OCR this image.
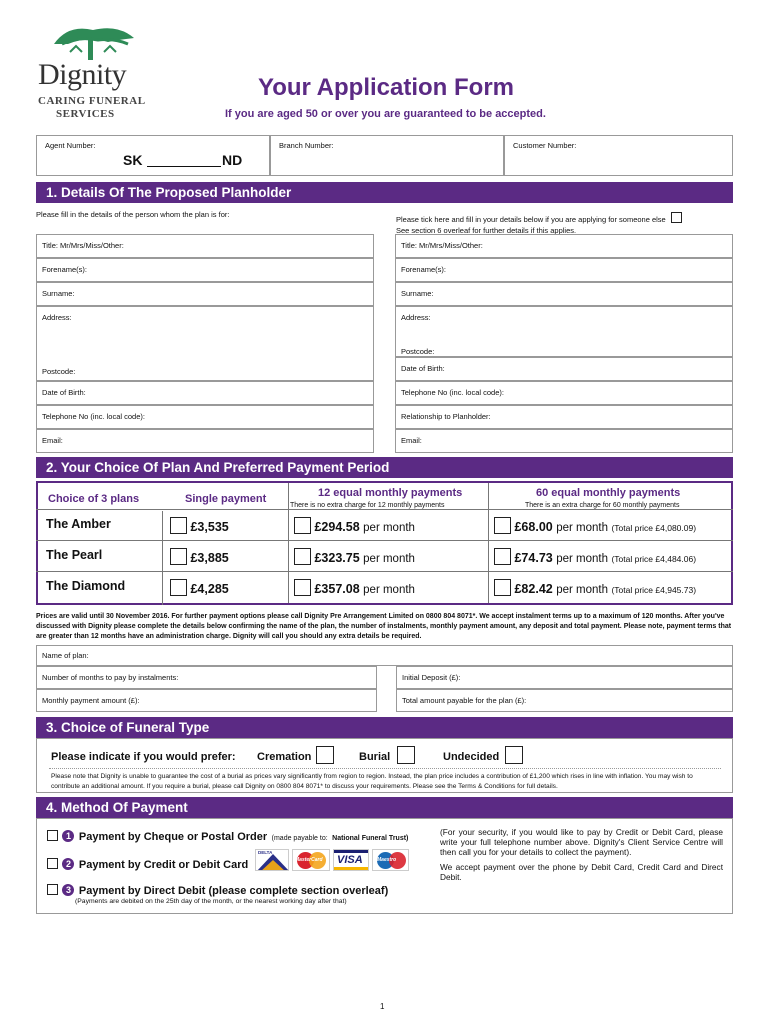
Dignity
CARING FUNERAL
SERVICES
Your Application Form
If you are aged 50 or over you are guaranteed to be accepted.
Agent Number:
SK	ND
Branch Number:	Customer Number:
1. Details Of The Proposed Planholder
Please fill in the details of the person whom the plan is for:
Please tick here and fill in your details below if you are applying for someone else
See section 6 overleaf for further details if this applies.
Title: Mr/Mrs/Miss/Other:
Forename(s):
Surname:
Address:
Postcode:
Date of Birth:
Telephone No (inc. local code):
Email:
Title: Mr/Mrs/Miss/Other:
Forename(s):
Surname:
Address:
Postcode:
Date of Birth:
Telephone No (inc. local code):
Relationship to Planholder:
Email:
2. Your Choice Of Plan And Preferred Payment Period
Choice of 3 plans	Single payment	12 equal monthly payments
There is no extra charge for 12 monthly payments
60 equal monthly payments
There is an extra charge for 60 monthly payments
The Amber	£3,535	£294.58 per month	£68.00 per month (Total price £4,080.09)
The Pearl	£3,885	£323.75 per month	£74.73 per month (Total price £4,484.06)
The Diamond	£4,285	£357.08 per month	£82.42 per month (Total price £4,945.73)
Prices are valid until 30 November 2016. For further payment options please call Dignity Pre Arrangement Limited on 0800 804 8071*. We accept instalment terms up to a maximum of 120 months. After you've discussed with Dignity please complete the details below confirming the name of the plan, the number of instalments, monthly payment amount, any deposit and total payment. Please note, payment terms that are greater than 12 months have an administration charge. Dignity will call you should any extra details be required.
Name of plan:
Number of months to pay by instalments:	Initial Deposit (£):
Monthly payment amount (£):	Total amount payable for the plan (£):
3. Choice of Funeral Type
Please indicate if you would prefer: Cremation	Burial	Undecided
Please note that Dignity is unable to guarantee the cost of a burial as prices vary significantly from region to region. Instead, the plan price includes a contribution of £1,200 which rises in line with inflation. You may wish to contribute an additional amount. If you require a burial, please call Dignity on 0800 804 8071* to discuss your requirements. Please see the Terms & Conditions for full details.
4. Method Of Payment
1 Payment by Cheque or Postal Order (made payable to: National Funeral Trust)
2 Payment by Credit or Debit Card
DELTA
MasterCard VISA	Maestro
3 Payment by Direct Debit (please complete section overleaf)
(Payments are debited on the 25th day of the month, or the nearest working day after that)
(For your security, if you would like to pay by Credit or Debit Card, please write your full telephone number above. Dignity's Client Service Centre will then call you for your details to collect the payment).
We accept payment over the phone by Debit Card, Credit Card and Direct Debit.
1
